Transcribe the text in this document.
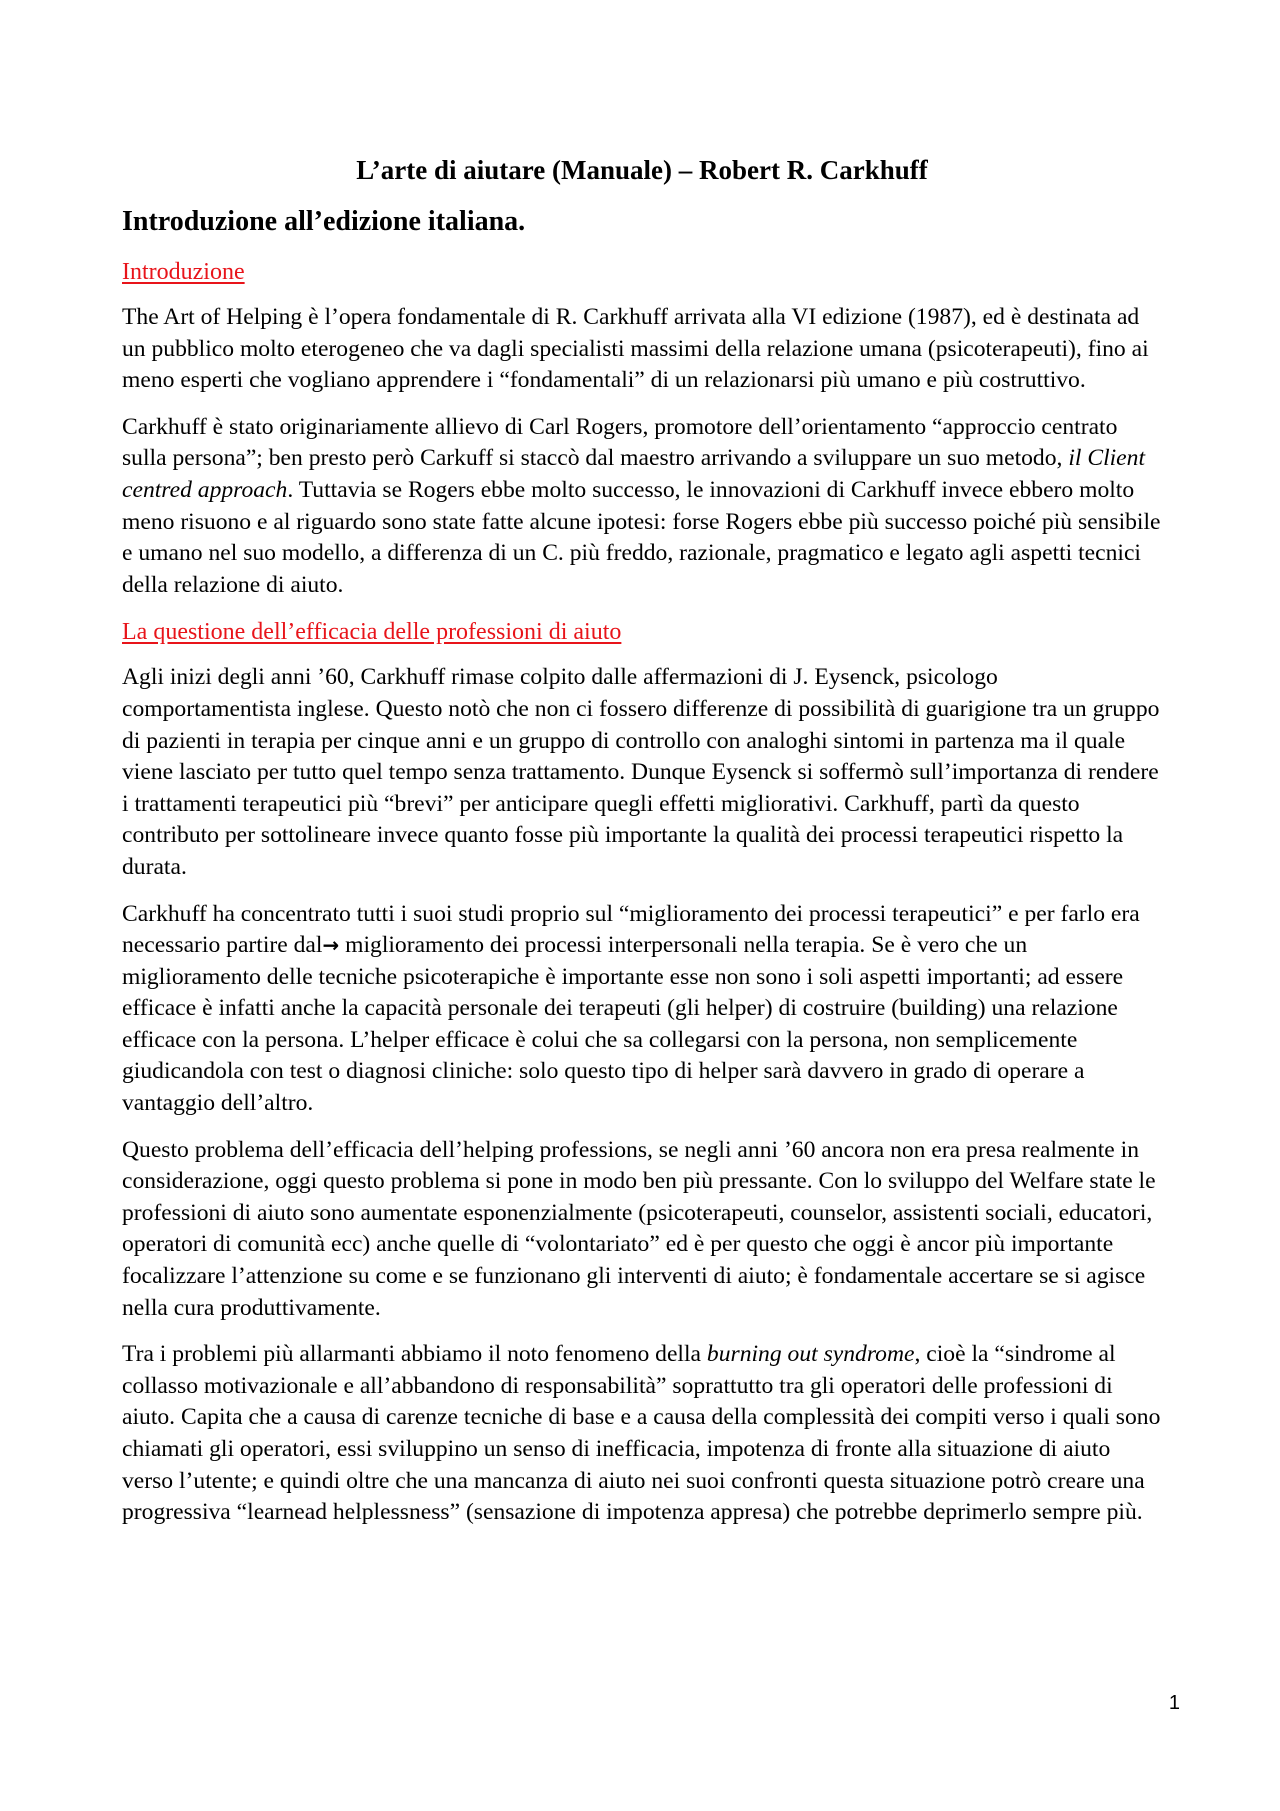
L’arte di aiutare (Manuale) – Robert R. Carkhuff
Introduzione all’edizione italiana.
Introduzione

The Art of Helping è l’opera fondamentale di R. Carkhuff arrivata alla VI edizione (1987), ed è destinata ad un pubblico molto eterogeneo che va dagli specialisti massimi della relazione umana (psicoterapeuti), fino ai meno esperti che vogliano apprendere i “fondamentali” di un relazionarsi più umano e più costruttivo.

Carkhuff è stato originariamente allievo di Carl Rogers, promotore dell’orientamento “approccio centrato sulla persona”; ben presto però Carkuff si staccò dal maestro arrivando a sviluppare un suo metodo, il Client centred approach. Tuttavia se Rogers ebbe molto successo, le innovazioni di Carkhuff invece ebbero molto meno risuono e al riguardo sono state fatte alcune ipotesi: forse Rogers ebbe più successo poiché più sensibile e umano nel suo modello, a differenza di un C. più freddo, razionale, pragmatico e legato agli aspetti tecnici della relazione di aiuto.

La questione dell’efficacia delle professioni di aiuto

Agli inizi degli anni ’60, Carkhuff rimase colpito dalle affermazioni di J. Eysenck, psicologo comportamentista inglese. Questo notò che non ci fossero differenze di possibilità di guarigione tra un gruppo di pazienti in terapia per cinque anni e un gruppo di controllo con analoghi sintomi in partenza ma il quale viene lasciato per tutto quel tempo senza trattamento. Dunque Eysenck si soffermò sull’importanza di rendere i trattamenti terapeutici più “brevi” per anticipare quegli effetti migliorativi. Carkhuff, partì da questo contributo per sottolineare invece quanto fosse più importante la qualità dei processi terapeutici rispetto la durata.

Carkhuff ha concentrato tutti i suoi studi proprio sul “miglioramento dei processi terapeutici” e per farlo era necessario partire dal→ miglioramento dei processi interpersonali nella terapia. Se è vero che un miglioramento delle tecniche psicoterapiche è importante esse non sono i soli aspetti importanti; ad essere efficace è infatti anche la capacità personale dei terapeuti (gli helper) di costruire (building) una relazione efficace con la persona. L’helper efficace è colui che sa collegarsi con la persona, non semplicemente giudicandola con test o diagnosi cliniche: solo questo tipo di helper sarà davvero in grado di operare a vantaggio dell’altro.

Questo problema dell’efficacia dell’helping professions, se negli anni ’60 ancora non era presa realmente in considerazione, oggi questo problema si pone in modo ben più pressante. Con lo sviluppo del Welfare state le professioni di aiuto sono aumentate esponenzialmente (psicoterapeuti, counselor, assistenti sociali, educatori, operatori di comunità ecc) anche quelle di “volontariato” ed è per questo che oggi è ancor più importante focalizzare l’attenzione su come e se funzionano gli interventi di aiuto; è fondamentale accertare se si agisce nella cura produttivamente.

Tra i problemi più allarmanti abbiamo il noto fenomeno della burning out syndrome, cioè la “sindrome al collasso motivazionale e all’abbandono di responsabilità” soprattutto tra gli operatori delle professioni di aiuto. Capita che a causa di carenze tecniche di base e a causa della complessità dei compiti verso i quali sono chiamati gli operatori, essi sviluppino un senso di inefficacia, impotenza di fronte alla situazione di aiuto verso l’utente; e quindi oltre che una mancanza di aiuto nei suoi confronti questa situazione potrò creare una progressiva “learnead helplessness” (sensazione di impotenza appresa) che potrebbe deprimerlo sempre più.

1
